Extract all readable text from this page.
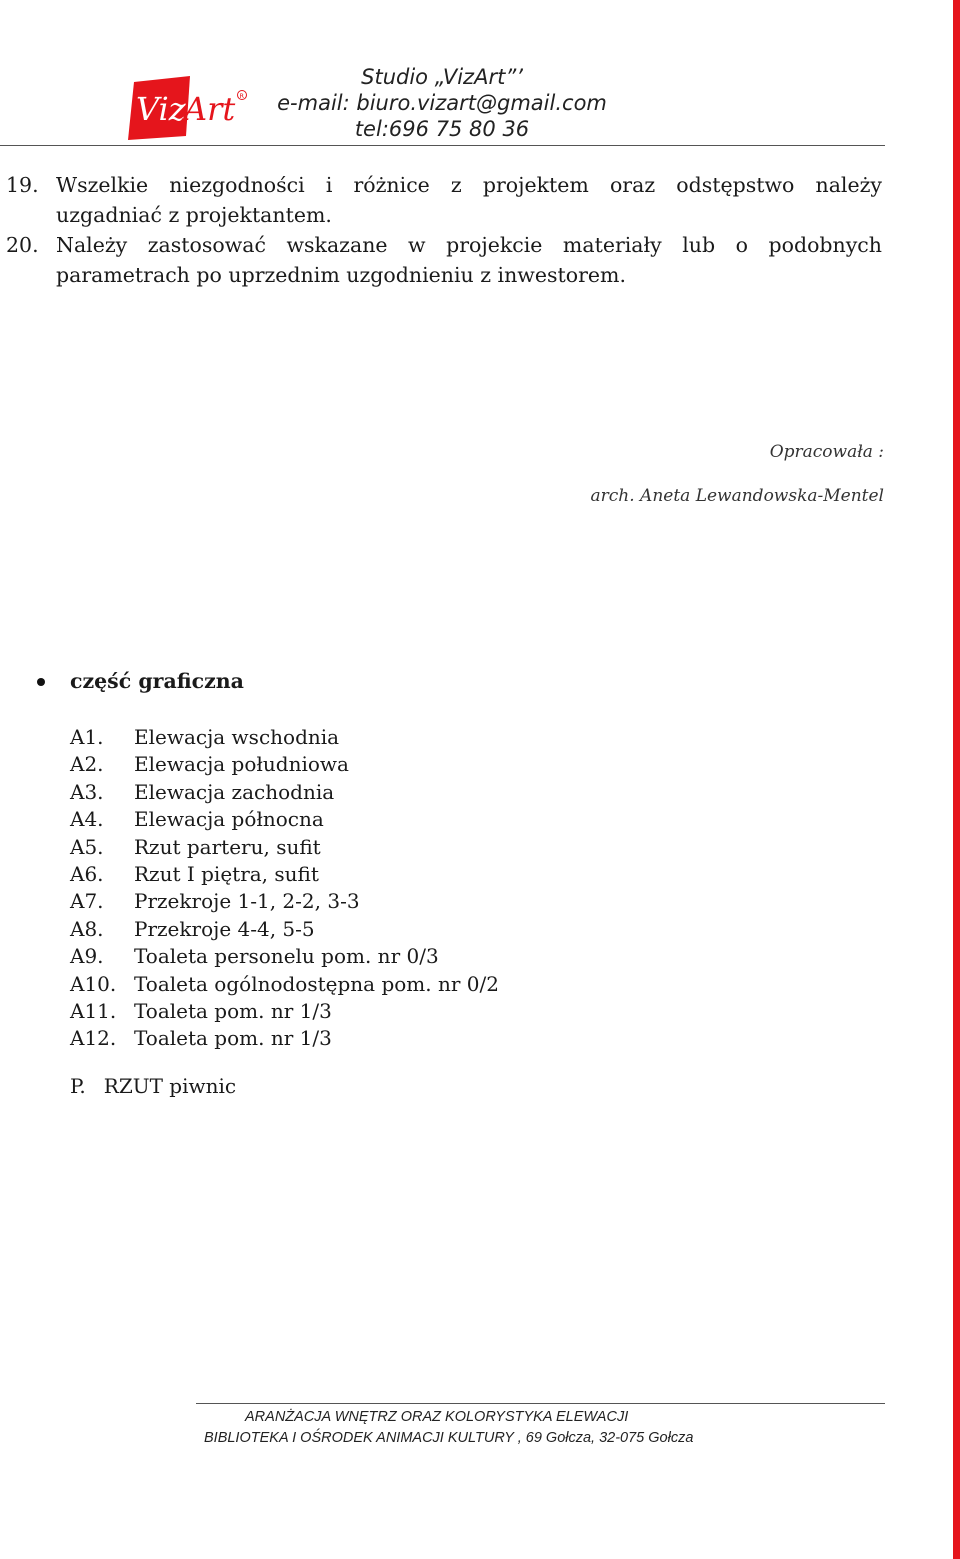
Viz
Art R
Studio „VizArt”’
e-mail: biuro.vizart@gmail.com
tel:696 75 80 36
19. Wszelkie niezgodności i różnice z projektem oraz odstępstwo należy
uzgadniać z projektantem.
20. Należy zastosować wskazane w projekcie materiały lub o podobnych
parametrach po uprzednim uzgodnieniu z inwestorem.
Opracowała :
arch. Aneta Lewandowska-Mentel
część graficzna
A1. Elewacja wschodnia
A2. Elewacja południowa
A3. Elewacja zachodnia
A4. Elewacja północna
A5. Rzut parteru, sufit
A6. Rzut I piętra, sufit
A7. Przekroje 1-1, 2-2, 3-3
A8. Przekroje 4-4, 5-5
A9. Toaleta personelu pom. nr 0/3
A10. Toaleta ogólnodostępna pom. nr 0/2
A11. Toaleta pom. nr 1/3
A12. Toaleta pom. nr 1/3
P. RZUT piwnic
ARANŻACJA WNĘTRZ ORAZ KOLORYSTYKA ELEWACJI
BIBLIOTEKA I OŚRODEK ANIMACJI KULTURY , 69 Gołcza, 32-075 Gołcza
